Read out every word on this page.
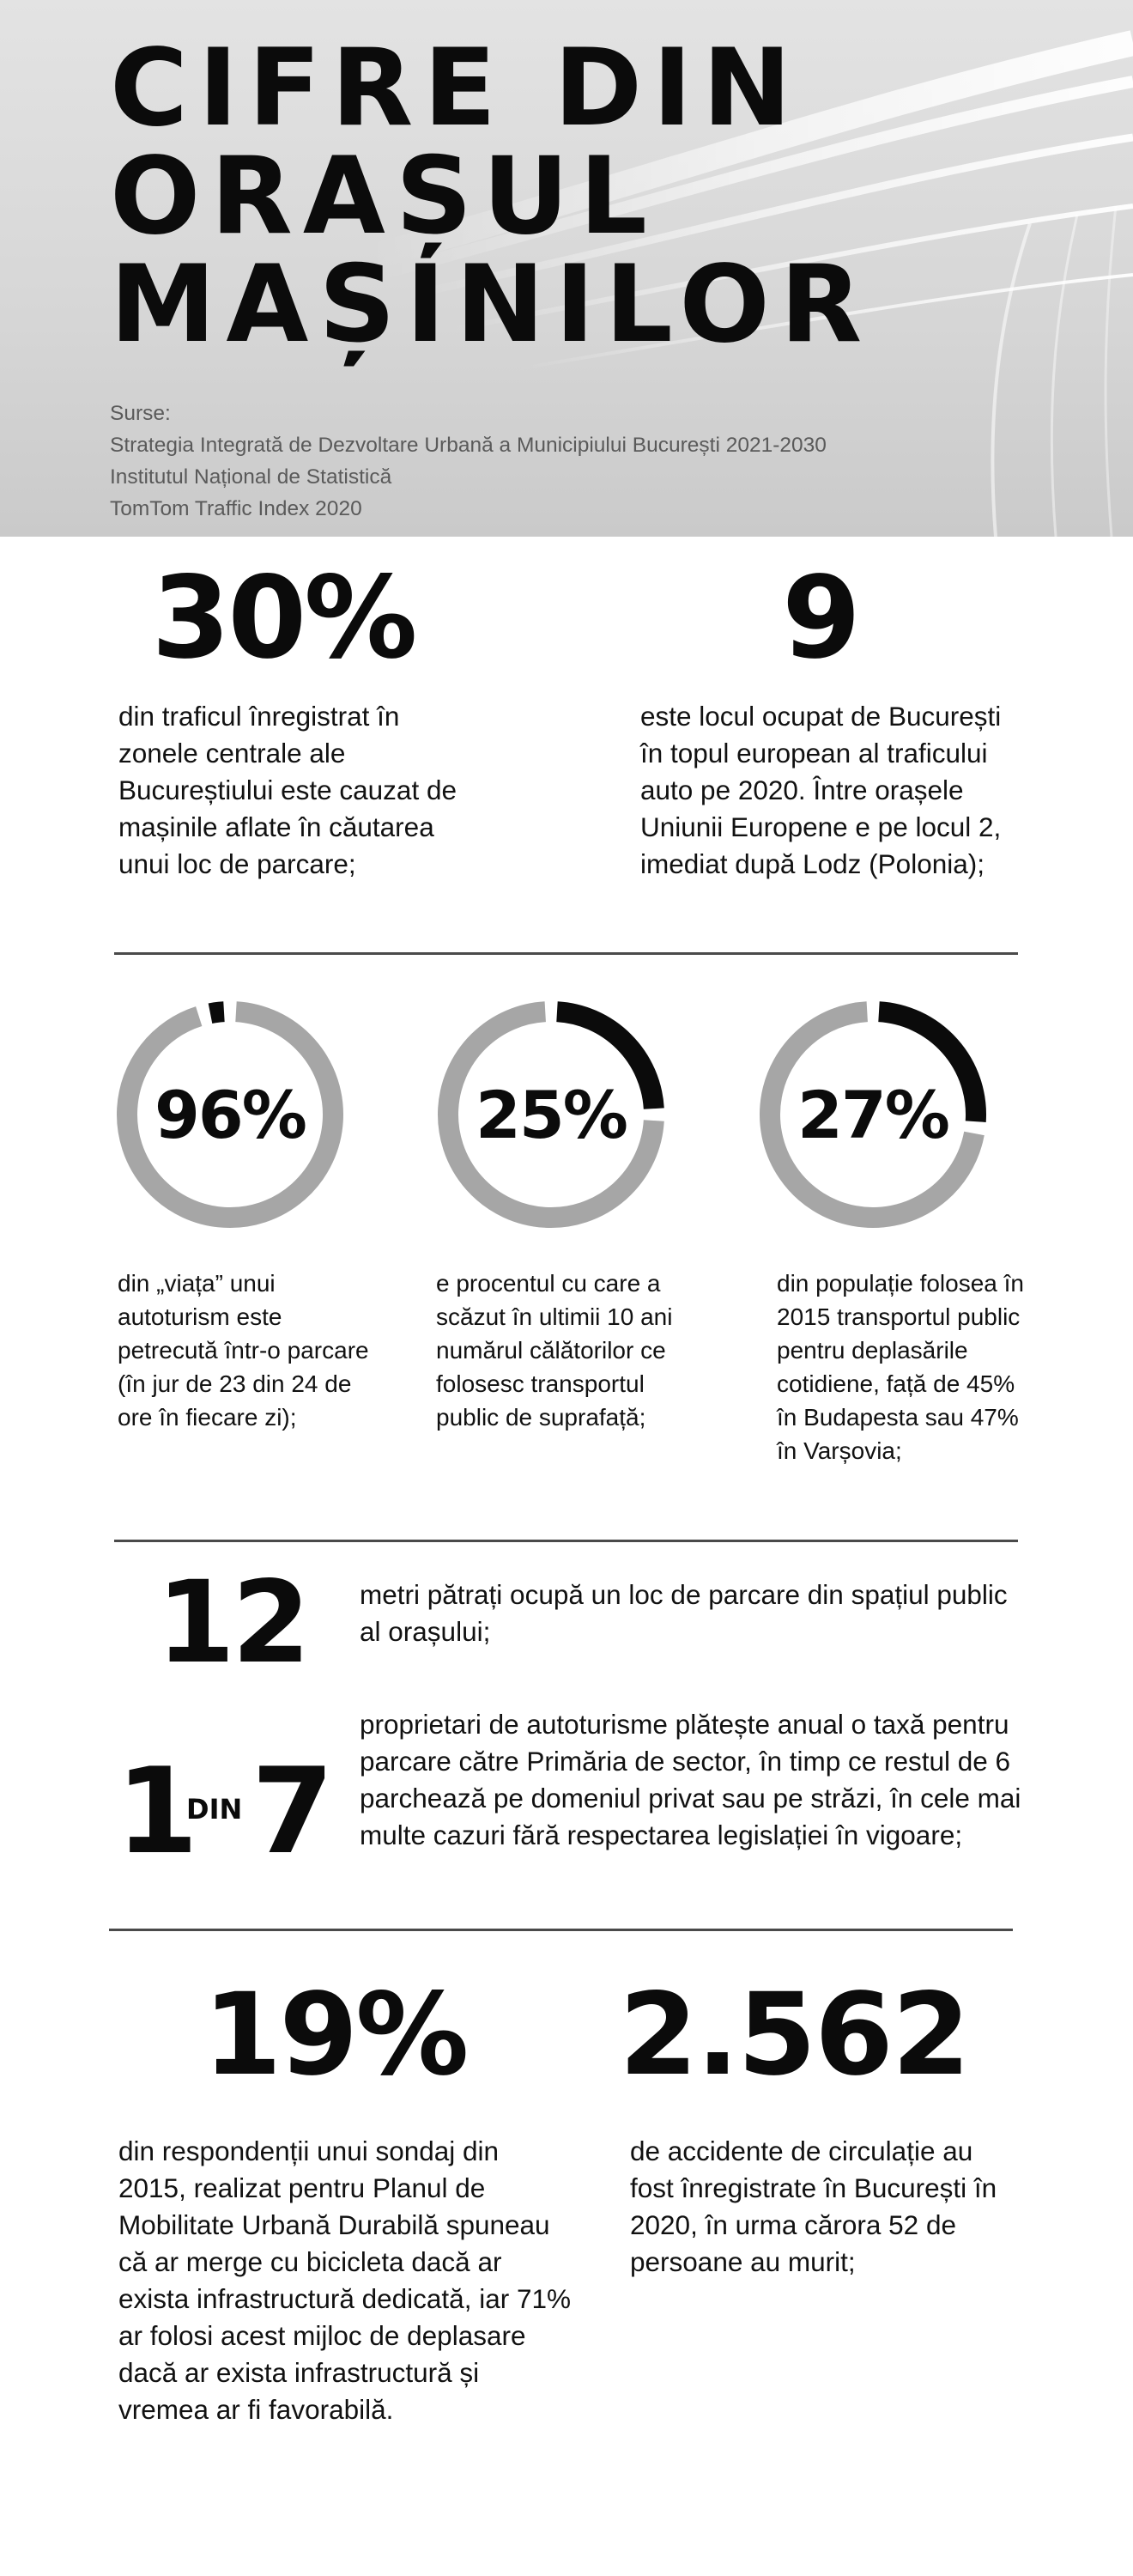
CIFRE DIN
ORAȘUL
MAȘINILOR
Surse:
Strategia Integrată de Dezvoltare Urbană a Municipiului București 2021-2030
Institutul Național de Statistică
TomTom Traffic Index 2020
30%
din traficul înregistrat în zonele centrale ale Bucureștiului este cauzat de mașinile aflate în căutarea unui loc de parcare;
9
este locul ocupat de București în topul european al traficului auto pe 2020. Între orașele Uniunii Europene e pe locul 2, imediat după Lodz (Polonia);
96%	25%	27%
din „viața” unui autoturism este petrecută într-o parcare (în jur de 23 din 24 de ore în fiecare zi);
e procentul cu care a scăzut în ultimii 10 ani numărul călătorilor ce folosesc transportul public de suprafață;
din populație folosea în 2015 transportul public pentru deplasările cotidiene, față de 45% în Budapesta sau 47% în Varșovia;
12	metri pătrați ocupă un loc de parcare din spațiul public al orașului;
1
DIN 7
proprietari de autoturisme plătește anual o taxă pentru parcare către Primăria de sector, în timp ce restul de 6 parchează pe domeniul privat sau pe străzi, în cele mai multe cazuri fără respectarea legislației în vigoare;
19%
din respondenții unui sondaj din 2015, realizat pentru Planul de Mobilitate Urbană Durabilă spuneau că ar merge cu bicicleta dacă ar exista infrastructură dedicată, iar 71% ar folosi acest mijloc de deplasare dacă ar exista infrastructură și vremea ar fi favorabilă.
2.562
de accidente de circulație au fost înregistrate în București în 2020, în urma cărora 52 de persoane au murit;
